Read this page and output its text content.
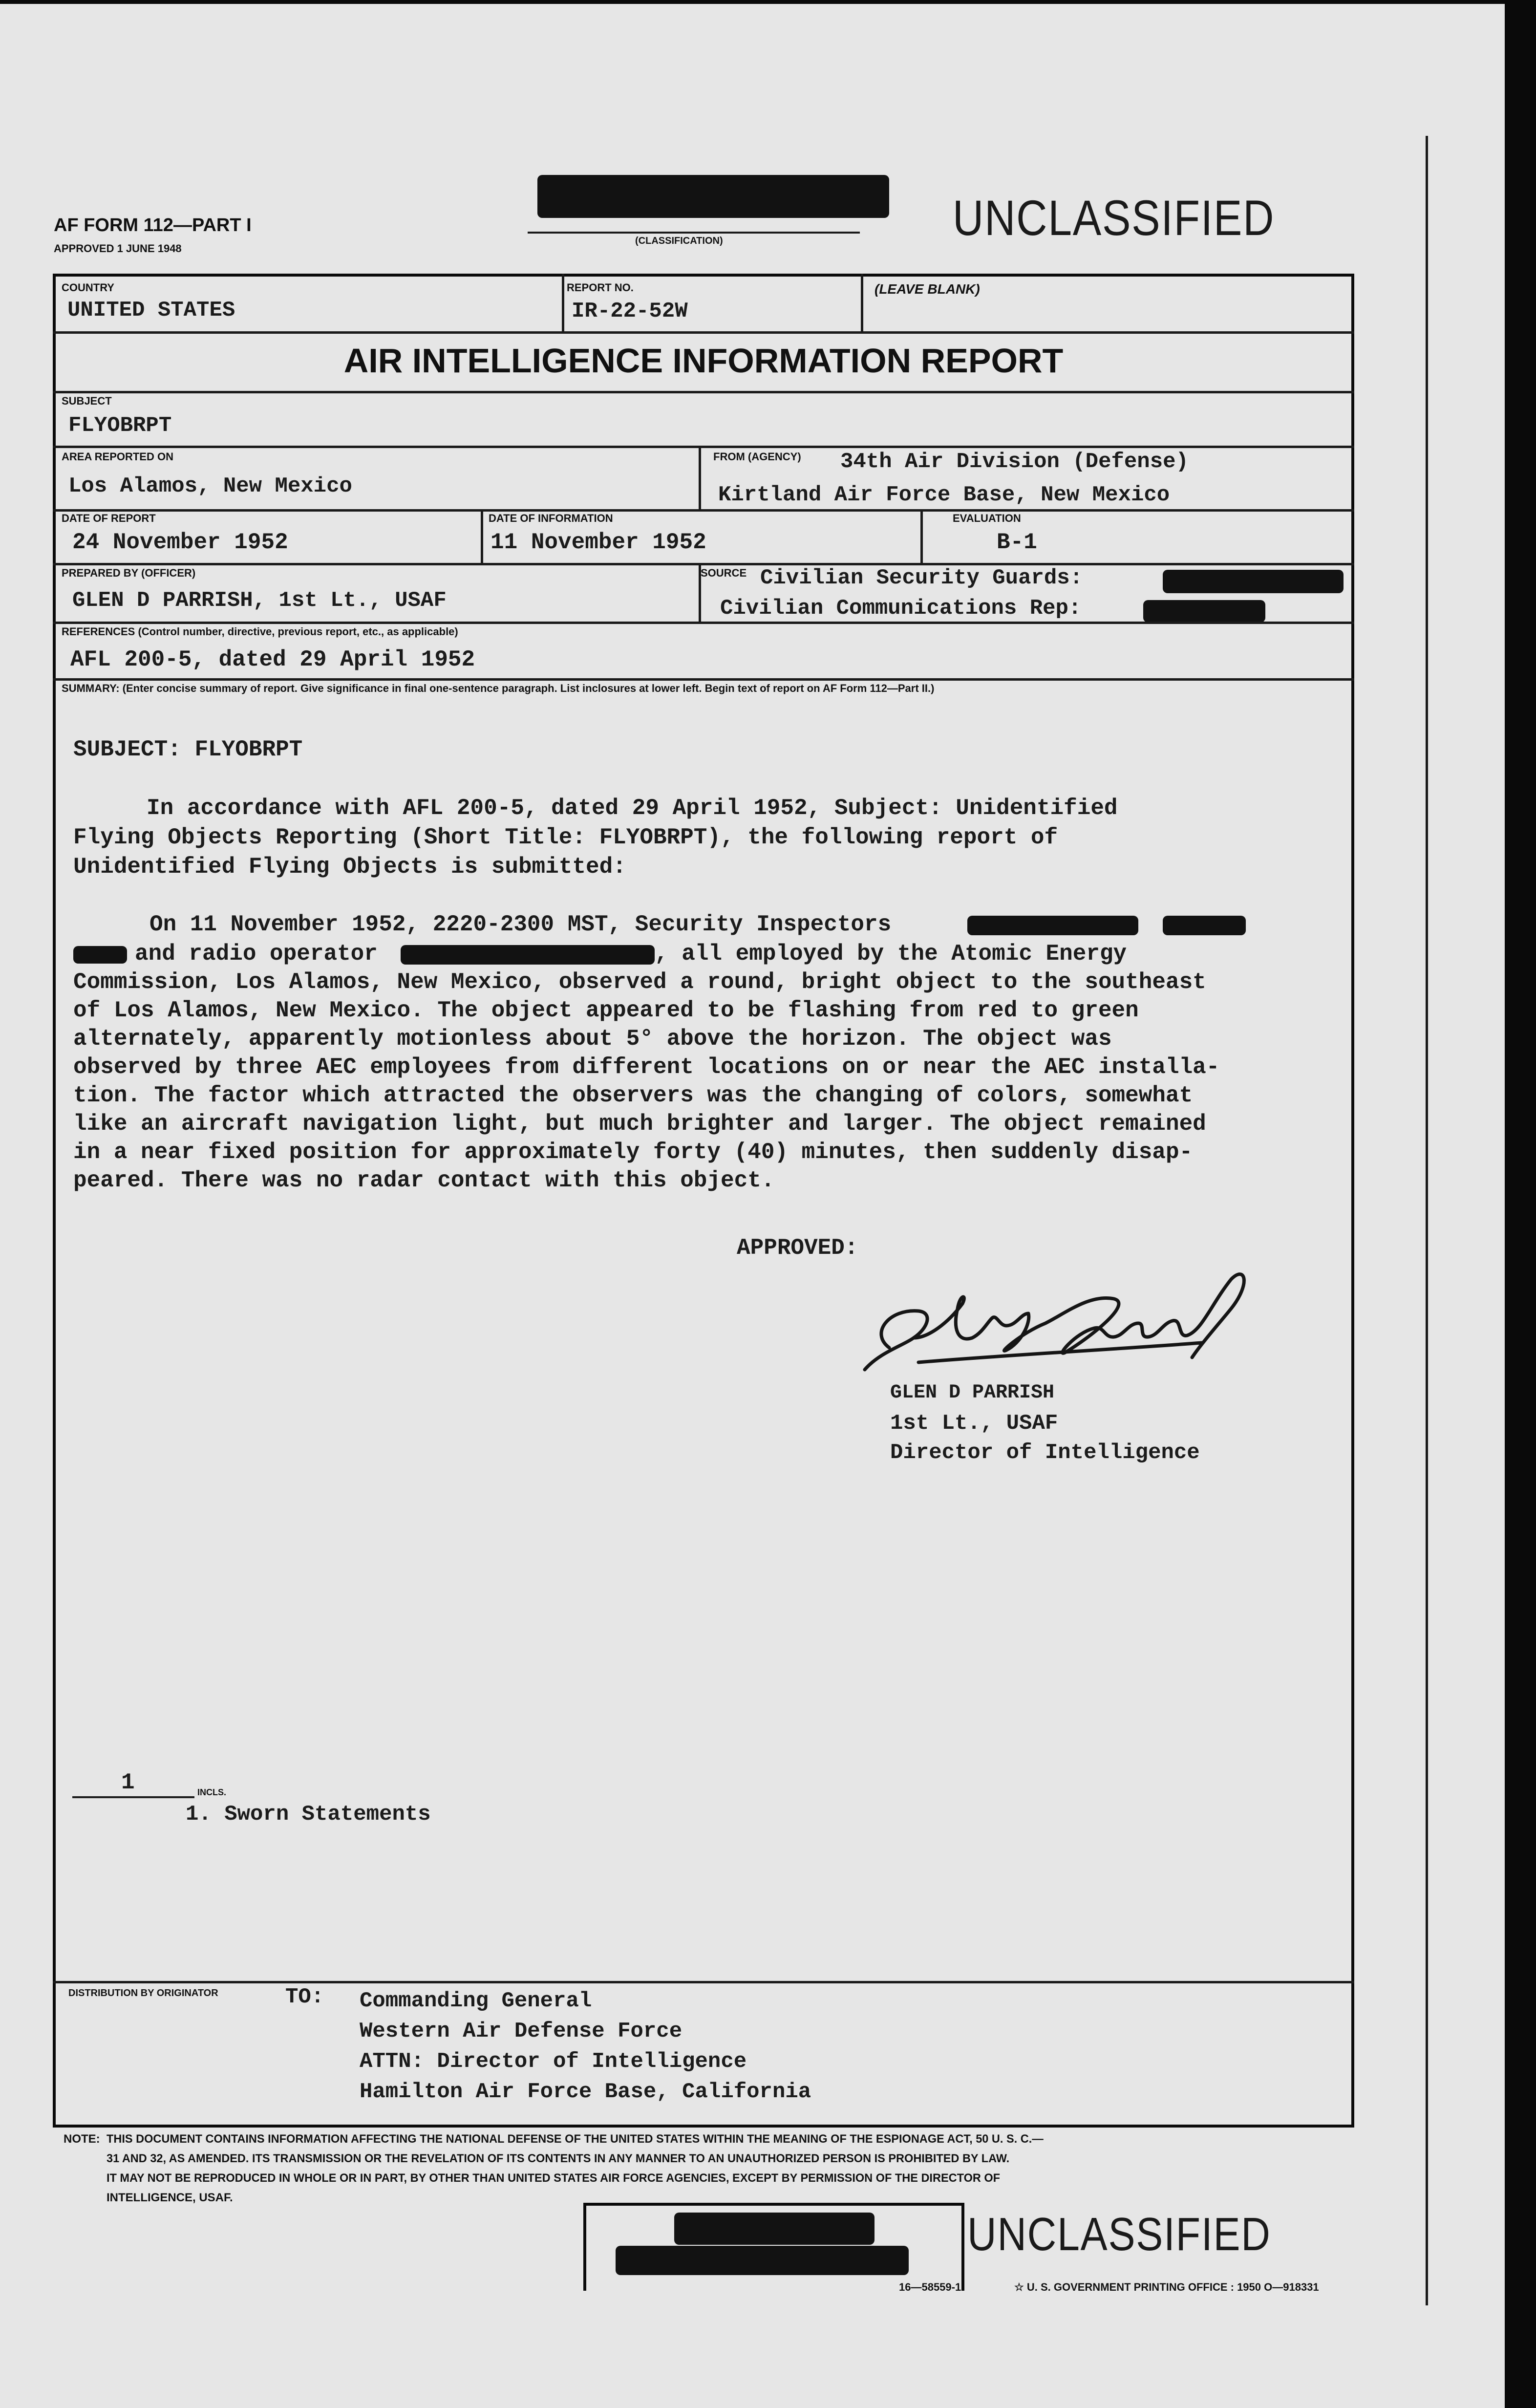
AF FORM 112—PART I
APPROVED 1 JUNE 1948
(CLASSIFICATION)	UNCLASSIFIED
COUNTRY
UNITED STATES
REPORT NO.
IR-22-52W
(LEAVE BLANK)
AIR INTELLIGENCE INFORMATION REPORT
SUBJECT
FLYOBRPT
AREA REPORTED ON
Los Alamos, New Mexico
FROM (AGENCY) 34th Air Division (Defense)
Kirtland Air Force Base, New Mexico
DATE OF REPORT
24 November 1952
DATE OF INFORMATION
11 November 1952
EVALUATION
B-1
PREPARED BY (OFFICER)
GLEN D PARRISH, 1st Lt., USAF
SOURCE Civilian Security Guards:
Civilian Communications Rep:
REFERENCES (Control number, directive, previous report, etc., as applicable)
AFL 200-5, dated 29 April 1952
SUMMARY: (Enter concise summary of report. Give significance in final one-sentence paragraph. List inclosures at lower left. Begin text of report on AF Form 112—Part II.)
SUBJECT: FLYOBRPT
In accordance with AFL 200-5, dated 29 April 1952, Subject: Unidentified
Flying Objects Reporting (Short Title: FLYOBRPT), the following report of
Unidentified Flying Objects is submitted:
On 11 November 1952, 2220-2300 MST, Security Inspectors
and radio operator	, all employed by the Atomic Energy
Commission, Los Alamos, New Mexico, observed a round, bright object to the southeast
of Los Alamos, New Mexico. The object appeared to be flashing from red to green
alternately, apparently motionless about 5° above the horizon. The object was
observed by three AEC employees from different locations on or near the AEC installa-
tion. The factor which attracted the observers was the changing of colors, somewhat
like an aircraft navigation light, but much brighter and larger. The object remained
in a near fixed position for approximately forty (40) minutes, then suddenly disap-
peared. There was no radar contact with this object.
APPROVED:
GLEN D PARRISH
1st Lt., USAF
Director of Intelligence
1	INCLS.
1. Sworn Statements
DISTRIBUTION BY ORIGINATOR	TO: Commanding General
Western Air Defense Force
ATTN: Director of Intelligence
Hamilton Air Force Base, California
NOTE: THIS DOCUMENT CONTAINS INFORMATION AFFECTING THE NATIONAL DEFENSE OF THE UNITED STATES WITHIN THE MEANING OF THE ESPIONAGE ACT, 50 U. S. C.—
31 AND 32, AS AMENDED. ITS TRANSMISSION OR THE REVELATION OF ITS CONTENTS IN ANY MANNER TO AN UNAUTHORIZED PERSON IS PROHIBITED BY LAW.
IT MAY NOT BE REPRODUCED IN WHOLE OR IN PART, BY OTHER THAN UNITED STATES AIR FORCE AGENCIES, EXCEPT BY PERMISSION OF THE DIRECTOR OF
INTELLIGENCE, USAF.
UNCLASSIFIED
16—58559-1	☆ U. S. GOVERNMENT PRINTING OFFICE : 1950 O—918331
